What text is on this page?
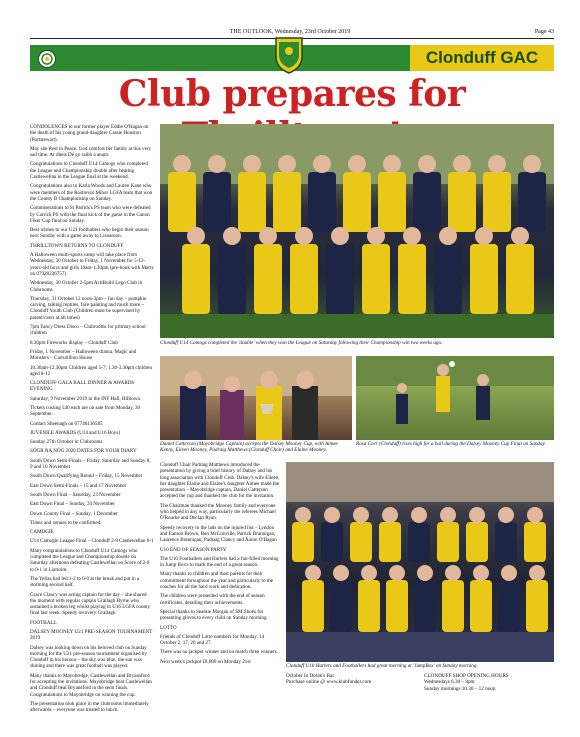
THE OUTLOOK, Wednesday, 23rd October 2019	Page 43
Clonduff GAC
Club prepares for

CONDOLENCES to our former player Eddie O'Hagan on the death of his young grand-daughter Cassie Houston (Portstewart).

May she Rest in Peace. God comfort her family at this very sad time. Ar dheis Dé go raibh a anam.

Congratulations to Clonduff U14 Camogs who completed the League and Championship double after beating Castlewellan in the League final at the weekend.

Congratulations also to Karla Woods and Lauren Kane who were members of the Rostrevor Minor LGFA team that won the County B Championship on Sunday.

Commiserations to St Patrick's PS team who were defeated by Carrick PS with the final kick of the game in the Canon Fiker Cup final on Sunday.

Best wishes to our U21 footballers who begin their season next Sunday with a game away to Lisnaroon.

THRILLTOWN RETURNS TO CLONDUFF

A Halloween multi-sports camp will take place from Wednesday, 30 October to Friday, 1 November for 5-12-years-old boys and girls 10am-1.30pm (pre-book with Marty on 07928236757)

Wednesday, 30 October 2-5pm ActiBuild Lego Club in Clubrooms

Thursday, 31 October 12 noon-3pm – fun day – pumpkin carving, talking reptiles, face painting and much more – Clonduff Youth Club (Children must be supervised by parent/carer at all times)

7pm Fancy Dress Disco – Clubrooms for primary school children

8.30pm Fireworks display – Clonduff Club

Friday, 1 November – Halloween drama, Magic and Monsters – Carrutillion House

10.30am-12.30pm Children aged 5-7; 1.30-3.30pm children aged 8-12

CLONDUFF GALA BALL DINNER & AWARDS EVENING

Saturday, 9 November 2019 in the INF Hall, Hilltown

Tickets costing £40 each are on sale from Monday, 30 September.

Contact Sheenagh on 07746136585

JUVENILE AWARDS (U14 and U16 Boys)

Sunday 27th October in Clubrooms

SÓGR NA NÓG 2020 DATES FOR YOUR DIARY

South Down Semi-Finals – Friday, Saturday and Sunday 8, 9 and 10 November

South Down Qualifying Round – Friday, 15 November

East Down Semi-Finals – 15 and 17 November

South Down Final – Saturday, 23 November

East Down Final – Sunday, 24 November

Down County Final – Sunday, 1 December

Times and venues to be confirmed.

CAMOGIE

U14 Camogie League Final – Clonduff 2-8 Castlewellan 0-1

Many congratulations to Clonduff U14 Camogs who completed the League and Championship double on Saturday afternoon defeating Castlewellan on Score of 2-8 to 0-1 in Liatroim.

The Yellas had led 1-2 to 0-0 at the break and put in a storming second half.

Grace Clancy was acting captain for the day – she shared the moment with regular captain Grallagh Byrne who sustained a broken leg whilst playing in U16 LGFA county final last week. Speedy recovery Grallagh.

FOOTBALL

DALSEY MOONEY U21 PRE-SEASON TOURNAMENT 2019

Dalsey was looking down on his beloved club on Sunday morning for the U21 pre-season tournament organised by Clonduff in his honour – the sky was blue, the sun was shining and there was great football was played.

Many thanks to Mayobridge, Castlewellan and Bryansford for accepting the invitations. Mayobridge beat Castlewellan and Clonduff beat Bryansford in the semi finals. Congratulations to Mayobridge on winning the cup.

The presentation took place in the clubrooms immediately afterwards – everyone was treated to lunch.

Clonduff U14 Camogs completed the 'double' when they won the League on Saturday following their Championship win two weeks ago.
Daniel Catterson (Mayobridge Captain) accepts the Dalsey Mooney Cup, with Aimee Kenny, Eileen Mooney, Padraig Matthews (Clonduff Chair) and Elaine Mooney.
Rosa Carr (Clonduff) rises high for a ball during the Dalsey Mooney Cup Final on Sunday.

Clonduff Chair Padraig Matthews introduced the presentation by giving a brief history of Dalsey and his long association with Clonduff Club. Dalsey's wife Eileen, her daughter Elaine and Elaine's daughter Aimee made the presentation – Mayobridge captain, Daniel Catterson accepted the cup and thanked the club for the invitation.

The Chairman thanked the Mooney family and everyone who helped in any way, particularly the referees Michael O'Rourke and Declan Ryan.

Speedy recovery to the lads on the injured list – Lyndon and Eamon Brown, Ben McConville, Patrick Brannigan, Laurence Brannigan, Padraig Clancy and Aaron O'Hagan

U10 END OF SEASON PARTY

The U10 Footballers and Hurlers had a fun-filled morning in Jump Boxx to mark the end of a great season.

Many thanks to children and their parents for their commitment throughout the year and particularly to the coaches for all the hard work and dedication.

The children were presented with the end of season certificates, detailing their achievements.

Special thanks to Seamie Morgan of SM Shoes for presenting gloves to every child on Sunday morning.

LOTTO

Friends of Clonduff Lotto numbers for Monday, 14 October 2, 17, 20 and 27.

There was no jackpot winner and no match three winners.

Next week's jackpot £8,600 on Monday 21st

Clonduff U10 Hurlers and Footballers had great morning at 'JumpBox' on Sunday morning.
October in Doran's Bar
Purchase online @ www.klubfunder.com
CLONDUFF SHOP OPENING HOURS
Wednesdays 6.30 – 8pm
Sunday mornings 10.30 – 12 noon
